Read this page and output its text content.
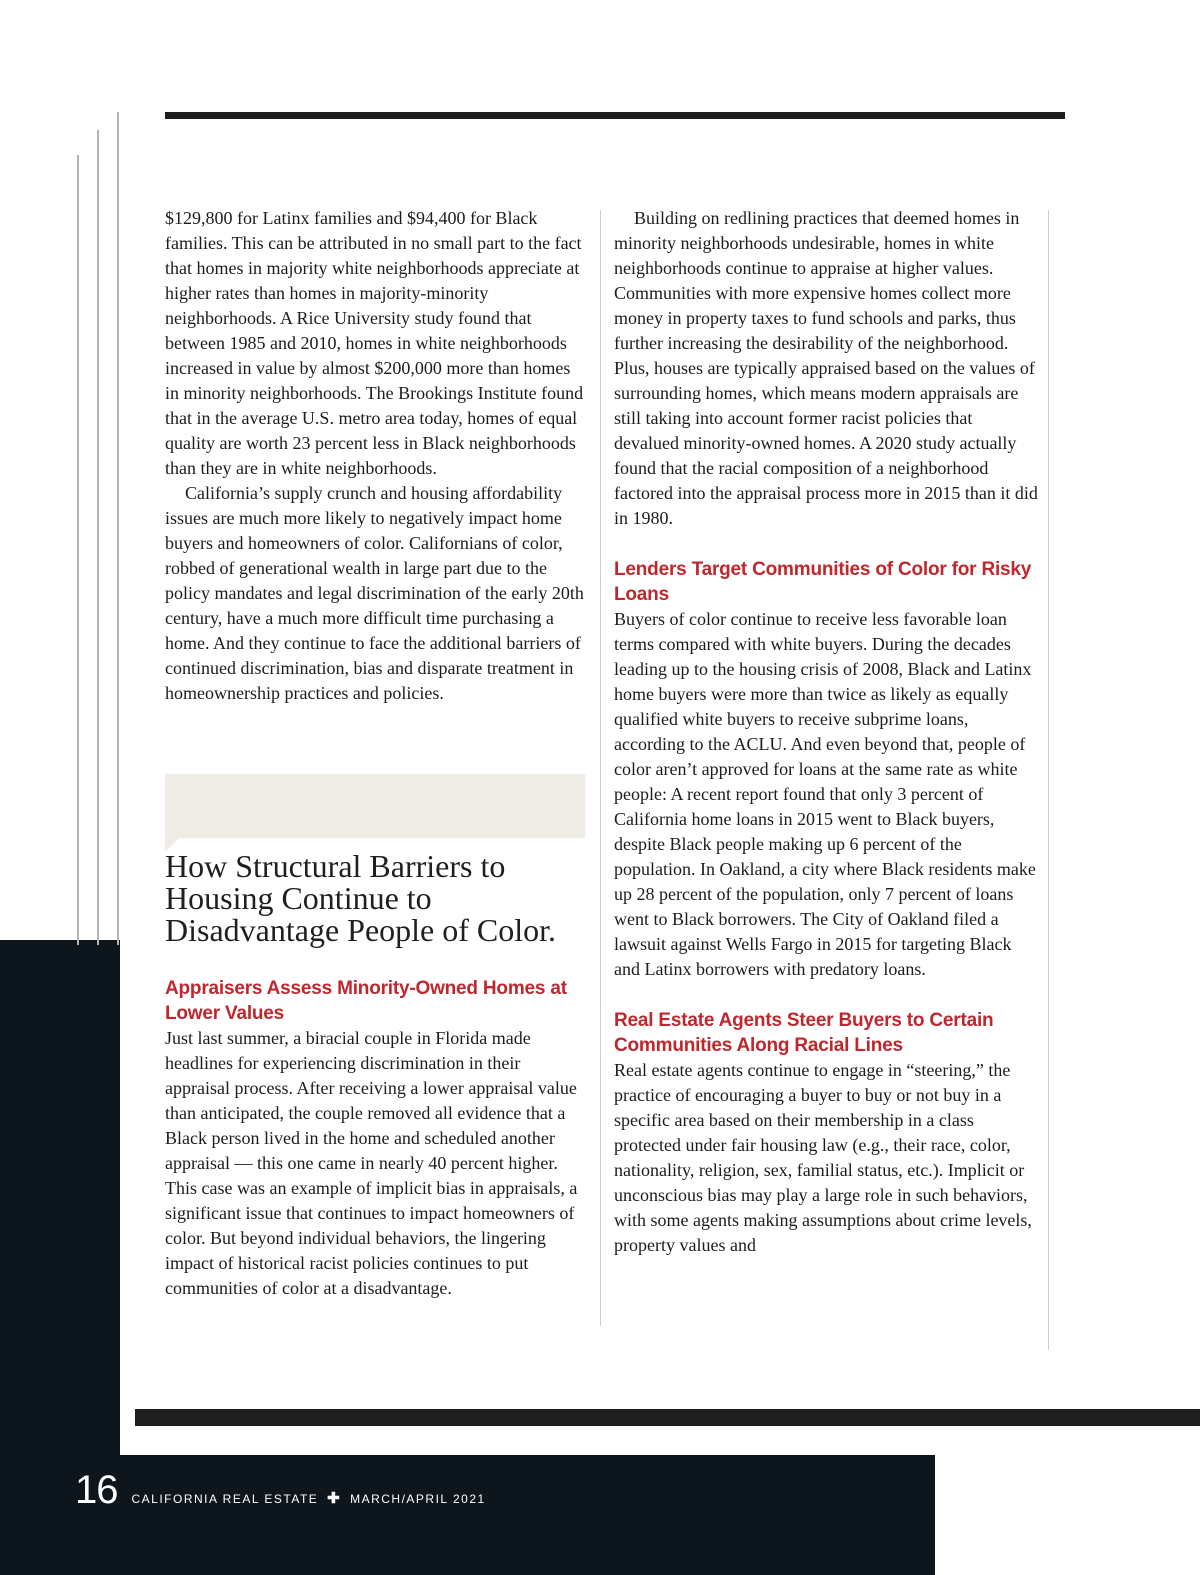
$129,800 for Latinx families and $94,400 for Black families. This can be attributed in no small part to the fact that homes in majority white neighborhoods appreciate at higher rates than homes in majority-minority neighborhoods. A Rice University study found that between 1985 and 2010, homes in white neighborhoods increased in value by almost $200,000 more than homes in minority neighborhoods. The Brookings Institute found that in the average U.S. metro area today, homes of equal quality are worth 23 percent less in Black neighborhoods than they are in white neighborhoods.

California’s supply crunch and housing affordability issues are much more likely to negatively impact home buyers and homeowners of color. Californians of color, robbed of generational wealth in large part due to the policy mandates and legal discrimination of the early 20th century, have a much more difficult time purchasing a home. And they continue to face the additional barriers of continued discrimination, bias and disparate treatment in homeownership practices and policies.

How Structural Barriers to Housing Continue to Disadvantage People of Color.
Appraisers Assess Minority-Owned Homes at Lower Values

Just last summer, a biracial couple in Florida made headlines for experiencing discrimination in their appraisal process. After receiving a lower appraisal value than anticipated, the couple removed all evidence that a Black person lived in the home and scheduled another appraisal — this one came in nearly 40 percent higher. This case was an example of implicit bias in appraisals, a significant issue that continues to impact homeowners of color. But beyond individual behaviors, the lingering impact of historical racist policies continues to put communities of color at a disadvantage.

Building on redlining practices that deemed homes in minority neighborhoods undesirable, homes in white neighborhoods continue to appraise at higher values. Communities with more expensive homes collect more money in property taxes to fund schools and parks, thus further increasing the desirability of the neighborhood. Plus, houses are typically appraised based on the values of surrounding homes, which means modern appraisals are still taking into account former racist policies that devalued minority-owned homes. A 2020 study actually found that the racial composition of a neighborhood factored into the appraisal process more in 2015 than it did in 1980.

Lenders Target Communities of Color for Risky Loans

Buyers of color continue to receive less favorable loan terms compared with white buyers. During the decades leading up to the housing crisis of 2008, Black and Latinx home buyers were more than twice as likely as equally qualified white buyers to receive subprime loans, according to the ACLU. And even beyond that, people of color aren’t approved for loans at the same rate as white people: A recent report found that only 3 percent of California home loans in 2015 went to Black buyers, despite Black people making up 6 percent of the population. In Oakland, a city where Black residents make up 28 percent of the population, only 7 percent of loans went to Black borrowers. The City of Oakland filed a lawsuit against Wells Fargo in 2015 for targeting Black and Latinx borrowers with predatory loans.

Real Estate Agents Steer Buyers to Certain Communities Along Racial Lines

Real estate agents continue to engage in “steering,” the practice of encouraging a buyer to buy or not buy in a specific area based on their membership in a class protected under fair housing law (e.g., their race, color, nationality, religion, sex, familial status, etc.). Implicit or unconscious bias may play a large role in such behaviors, with some agents making assumptions about crime levels, property values and

16 CALIFORNIA REAL ESTATE ✚ MARCH/APRIL 2021
